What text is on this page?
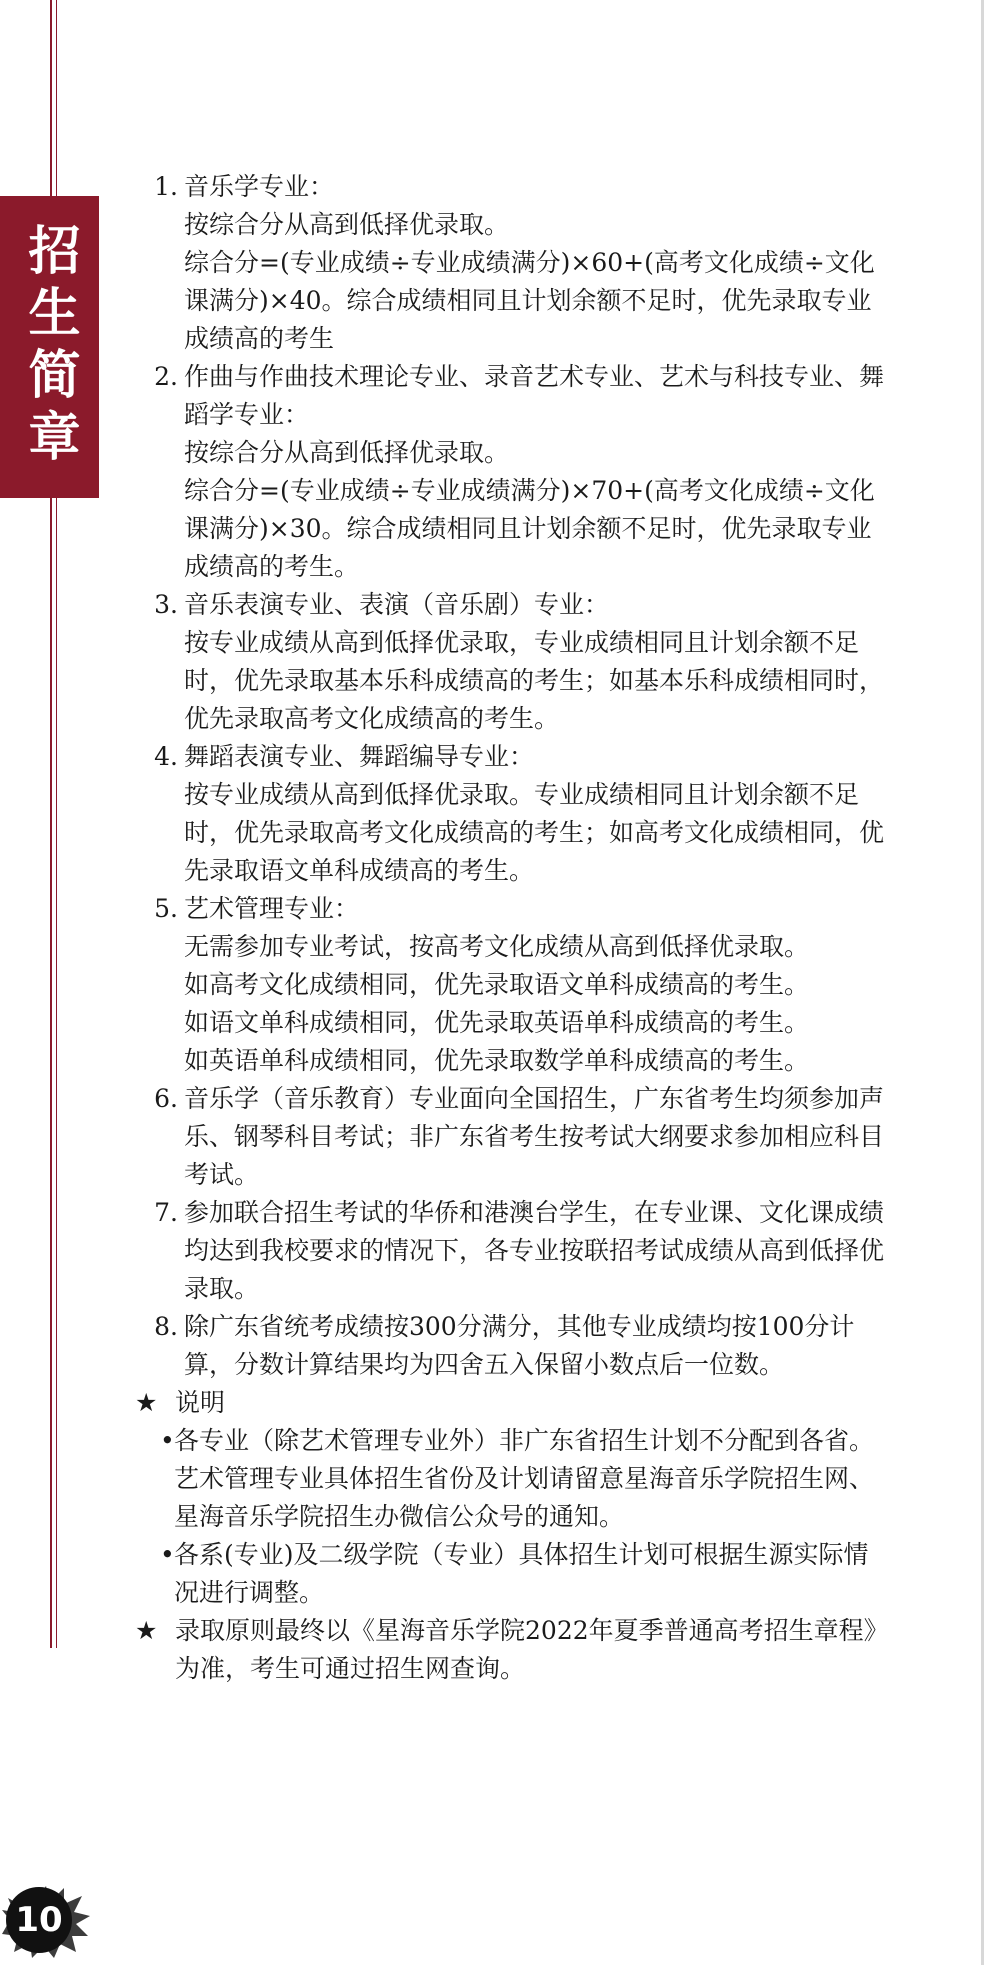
招生简章
1. 音乐学专业：

按综合分从高到低择优录取。

综合分=(专业成绩÷专业成绩满分)×60+(高考文化成绩÷文化课满分)×40。综合成绩相同且计划余额不足时，优先录取专业成绩高的考生

2. 作曲与作曲技术理论专业、录音艺术专业、艺术与科技专业、舞蹈学专业：

按综合分从高到低择优录取。

综合分=(专业成绩÷专业成绩满分)×70+(高考文化成绩÷文化课满分)×30。综合成绩相同且计划余额不足时，优先录取专业成绩高的考生。

3. 音乐表演专业、表演（音乐剧）专业：

按专业成绩从高到低择优录取，专业成绩相同且计划余额不足时，优先录取基本乐科成绩高的考生；如基本乐科成绩相同时，优先录取高考文化成绩高的考生。

4. 舞蹈表演专业、舞蹈编导专业：

按专业成绩从高到低择优录取。专业成绩相同且计划余额不足时，优先录取高考文化成绩高的考生；如高考文化成绩相同，优先录取语文单科成绩高的考生。

5. 艺术管理专业：

无需参加专业考试，按高考文化成绩从高到低择优录取。

如高考文化成绩相同，优先录取语文单科成绩高的考生。

如语文单科成绩相同，优先录取英语单科成绩高的考生。

如英语单科成绩相同，优先录取数学单科成绩高的考生。

6. 音乐学（音乐教育）专业面向全国招生，广东省考生均须参加声乐、钢琴科目考试；非广东省考生按考试大纲要求参加相应科目考试。

7. 参加联合招生考试的华侨和港澳台学生，在专业课、文化课成绩均达到我校要求的情况下，各专业按联招考试成绩从高到低择优录取。

8. 除广东省统考成绩按300分满分，其他专业成绩均按100分计算，分数计算结果均为四舍五入保留小数点后一位数。

★ 说明
• 各专业（除艺术管理专业外）非广东省招生计划不分配到各省。艺术管理专业具体招生省份及计划请留意星海音乐学院招生网、星海音乐学院招生办微信公众号的通知。
• 各系(专业)及二级学院（专业）具体招生计划可根据生源实际情况进行调整。
★ 录取原则最终以《星海音乐学院2022年夏季普通高考招生章程》为准，考生可通过招生网查询。
10
